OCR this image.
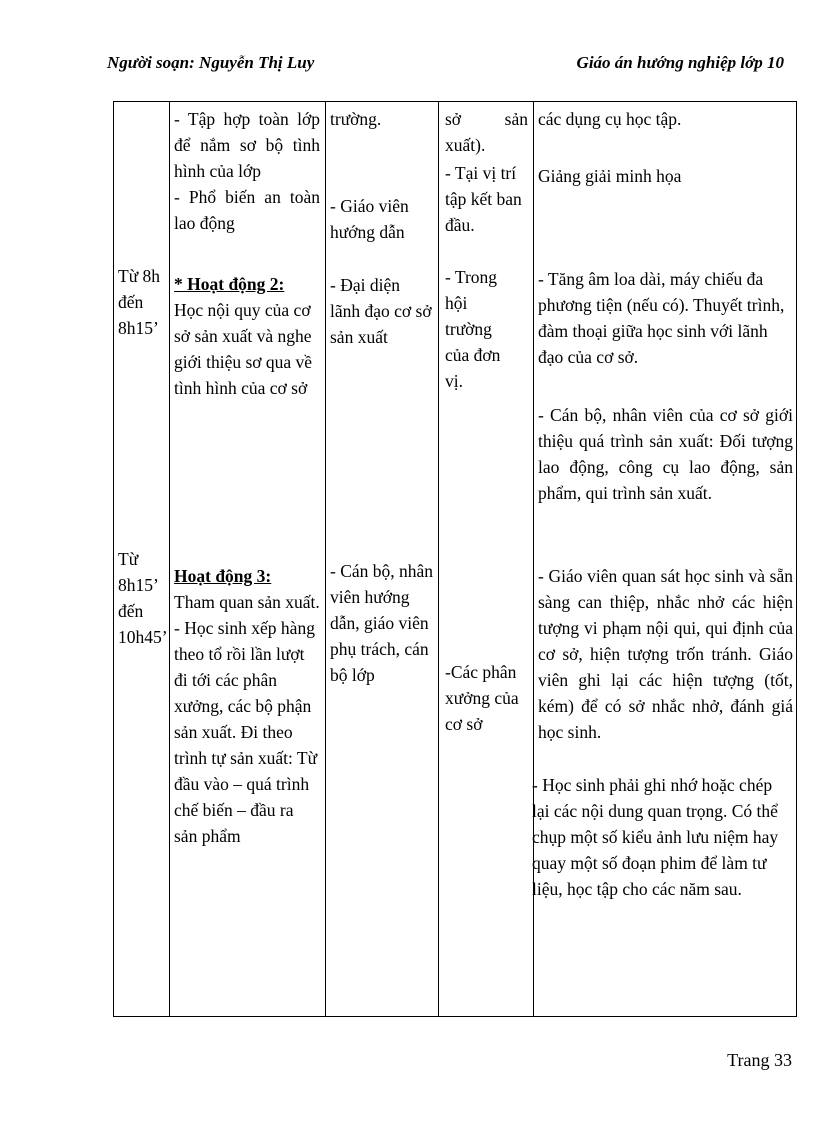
Người soạn: Nguyễn Thị Luy	Giáo án hướng nghiệp lớp 10
Từ 8h đến 8h15’

- Tập hợp toàn lớp để nắm sơ bộ tình hình của lớp

- Phổ biến an toàn lao động

* Hoạt động 2:

Học nội quy của cơ sở sản xuất và nghe giới thiệu sơ qua về tình hình của cơ sở

trường.
- Giáo viên hướng dẫn
- Đại diện lãnh đạo cơ sở sản xuất
sở sản xuất).
- Tại vị trí tập kết ban đầu.
- Trong hội trường của đơn vị.
các dụng cụ học tập.
Giảng giải minh họa
- Tăng âm loa dài, máy chiếu đa phương tiện (nếu có). Thuyết trình, đàm thoại giữa học sinh với lãnh đạo của cơ sở.
- Cán bộ, nhân viên của cơ sở giới thiệu quá trình sản xuất: Đối tượng lao động, công cụ lao động, sản phẩm, qui trình sản xuất.
Từ 8h15’ đến 10h45’

Hoạt động 3:

Tham quan sản xuất.

- Học sinh xếp hàng theo tổ rồi lần lượt đi tới các phân xưởng, các bộ phận sản xuất. Đi theo trình tự sản xuất: Từ đầu vào – quá trình chế biến – đầu ra sản phẩm

- Cán bộ, nhân viên hướng dẫn, giáo viên phụ trách, cán bộ lớp	-Các phân xưởng của cơ sở
- Giáo viên quan sát học sinh và sẵn sàng can thiệp, nhắc nhở các hiện tượng vi phạm nội qui, qui định của cơ sở, hiện tượng trốn tránh. Giáo viên ghi lại các hiện tượng (tốt, kém) để có sở nhắc nhở, đánh giá học sinh.
- Học sinh phải ghi nhớ hoặc chép lại các nội dung quan trọng. Có thể chụp một số kiểu ảnh lưu niệm hay quay một số đoạn phim để làm tư liệu, học tập cho các năm sau.
Trang 33
